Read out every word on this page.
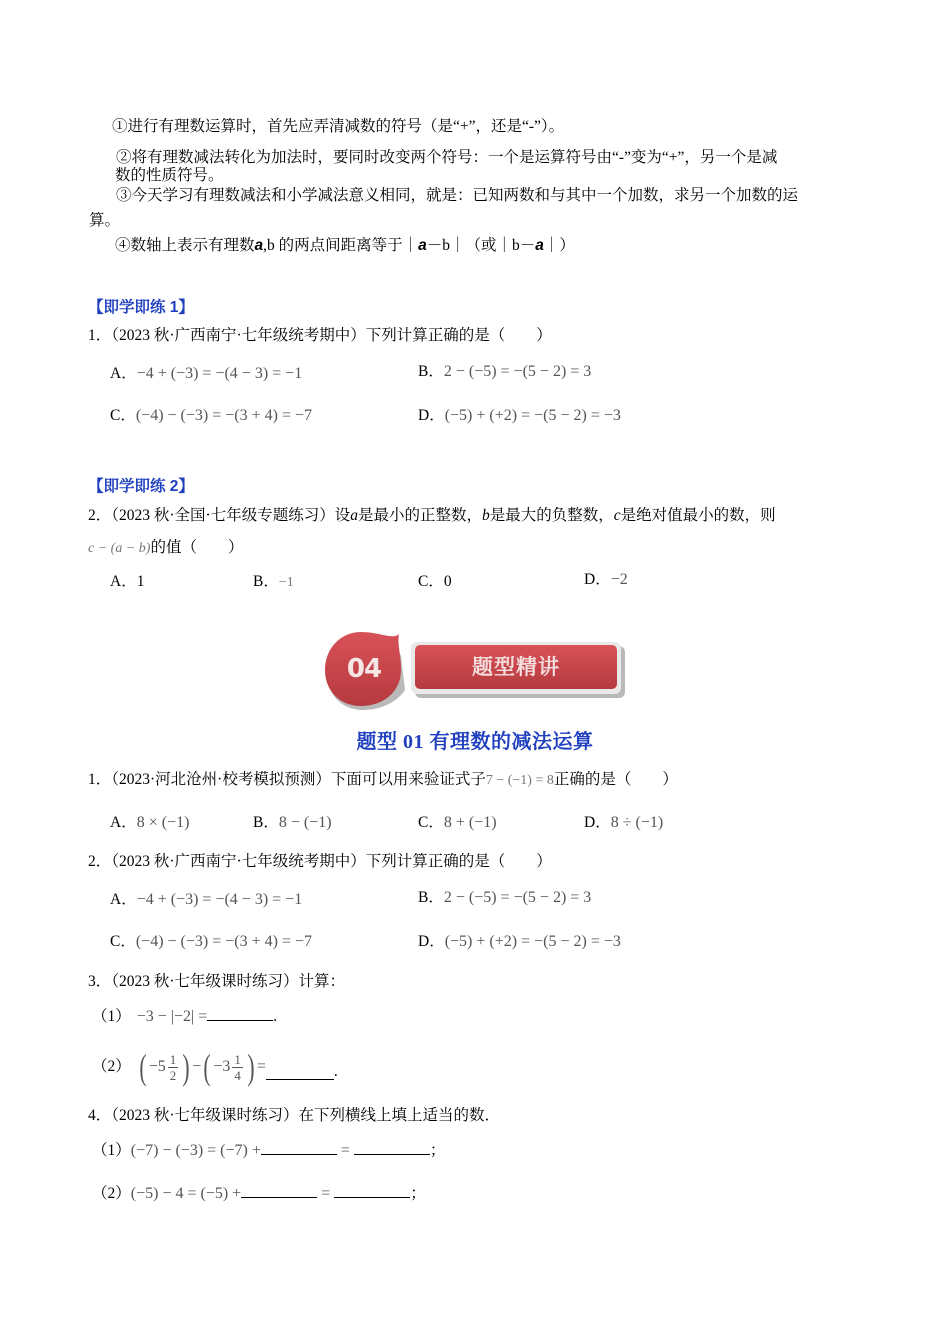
①进行有理数运算时，首先应弄清减数的符号（是“+”，还是“-”）。
②将有理数减法转化为加法时，要同时改变两个符号：一个是运算符号由“-”变为“+”，另一个是减
数的性质符号。
③今天学习有理数减法和小学减法意义相同，就是：已知两数和与其中一个加数，求另一个加数的运
算。
④数轴上表示有理数a,b 的两点间距离等于｜a－b｜（或｜b－a｜）
【即学即练 1】
1．（2023 秋·广西南宁·七年级统考期中）下列计算正确的是（　　）
A．−4 + (−3) = −(4 − 3) = −1	B．2 − (−5) = −(5 − 2) = 3
C．(−4) − (−3) = −(3 + 4) = −7	D．(−5) + (+2) = −(5 − 2) = −3
【即学即练 2】
2．（2023 秋·全国·七年级专题练习）设a是最小的正整数，b是最大的负整数，c是绝对值最小的数，则
c − (a − b)的值（　　）
A．1	B．−1	C．0	D．−2
04	题型精讲
题型 01 有理数的减法运算
1．（2023·河北沧州·校考模拟预测）下面可以用来验证式子7 − (−1) = 8正确的是（　　）
A．8 × (−1)	B．8 − (−1)	C．8 + (−1)	D．8 ÷ (−1)
2．（2023 秋·广西南宁·七年级统考期中）下列计算正确的是（　　）
A．−4 + (−3) = −(4 − 3) = −1	B．2 − (−5) = −(5 − 2) = 3
C．(−4) − (−3) = −(3 + 4) = −7	D．(−5) + (+2) = −(5 − 2) = −3
3．（2023 秋·七年级课时练习）计算：
（1） −3 − |−2| =	.
（2） ( $-5 \frac{1}{2}$ ) − ( $-3 \frac{1}{4}$ ) =	.
4．（2023 秋·七年级课时练习）在下列横线上填上适当的数．
（1）(−7) − (−3) = (−7) +	=	；
（2）(−5) − 4 = (−5) +	=	；
